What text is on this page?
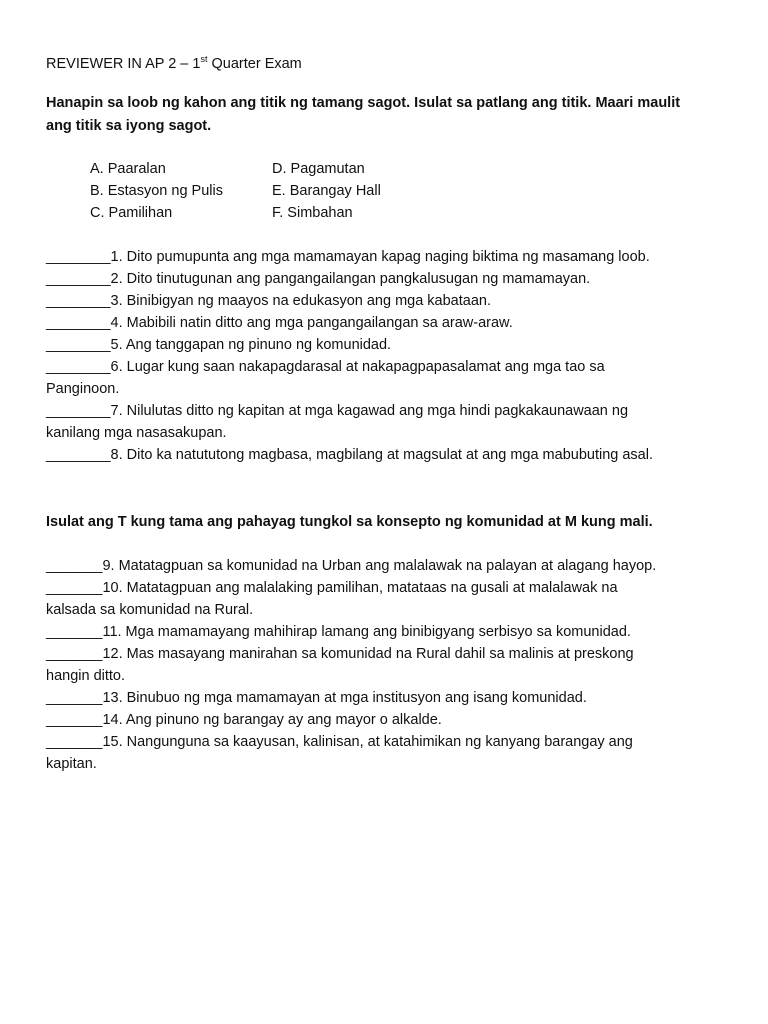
REVIEWER IN AP 2 – 1st Quarter Exam
Hanapin sa loob ng kahon ang titik ng tamang sagot. Isulat sa patlang ang titik. Maari maulit
ang titik sa iyong sagot.
A. Paaralan
B. Estasyon ng Pulis
C. Pamilihan
D. Pagamutan
E. Barangay Hall
F. Simbahan
________1. Dito pumupunta ang mga mamamayan kapag naging biktima ng masamang loob.
________2. Dito tinutugunan ang pangangailangan pangkalusugan ng mamamayan.
________3. Binibigyan ng maayos na edukasyon ang mga kabataan.
________4. Mabibili natin ditto ang mga pangangailangan sa araw-araw.
________5. Ang tanggapan ng pinuno ng komunidad.
________6. Lugar kung saan nakapagdarasal at nakapagpapasalamat ang mga tao sa
Panginoon.
________7. Nilulutas ditto ng kapitan at mga kagawad ang mga hindi pagkakaunawaan ng
kanilang mga nasasakupan.
________8. Dito ka natututong magbasa, magbilang at magsulat at ang mga mabubuting asal.
Isulat ang T kung tama ang pahayag tungkol sa konsepto ng komunidad at M kung mali.
_______9. Matatagpuan sa komunidad na Urban ang malalawak na palayan at alagang hayop.
_______10. Matatagpuan ang malalaking pamilihan, matataas na gusali at malalawak na
kalsada sa komunidad na Rural.
_______11. Mga mamamayang mahihirap lamang ang binibigyang serbisyo sa komunidad.
_______12. Mas masayang manirahan sa komunidad na Rural dahil sa malinis at preskong
hangin ditto.
_______13. Binubuo ng mga mamamayan at mga institusyon ang isang komunidad.
_______14. Ang pinuno ng barangay ay ang mayor o alkalde.
_______15. Nangunguna sa kaayusan, kalinisan, at katahimikan ng kanyang barangay ang
kapitan.
